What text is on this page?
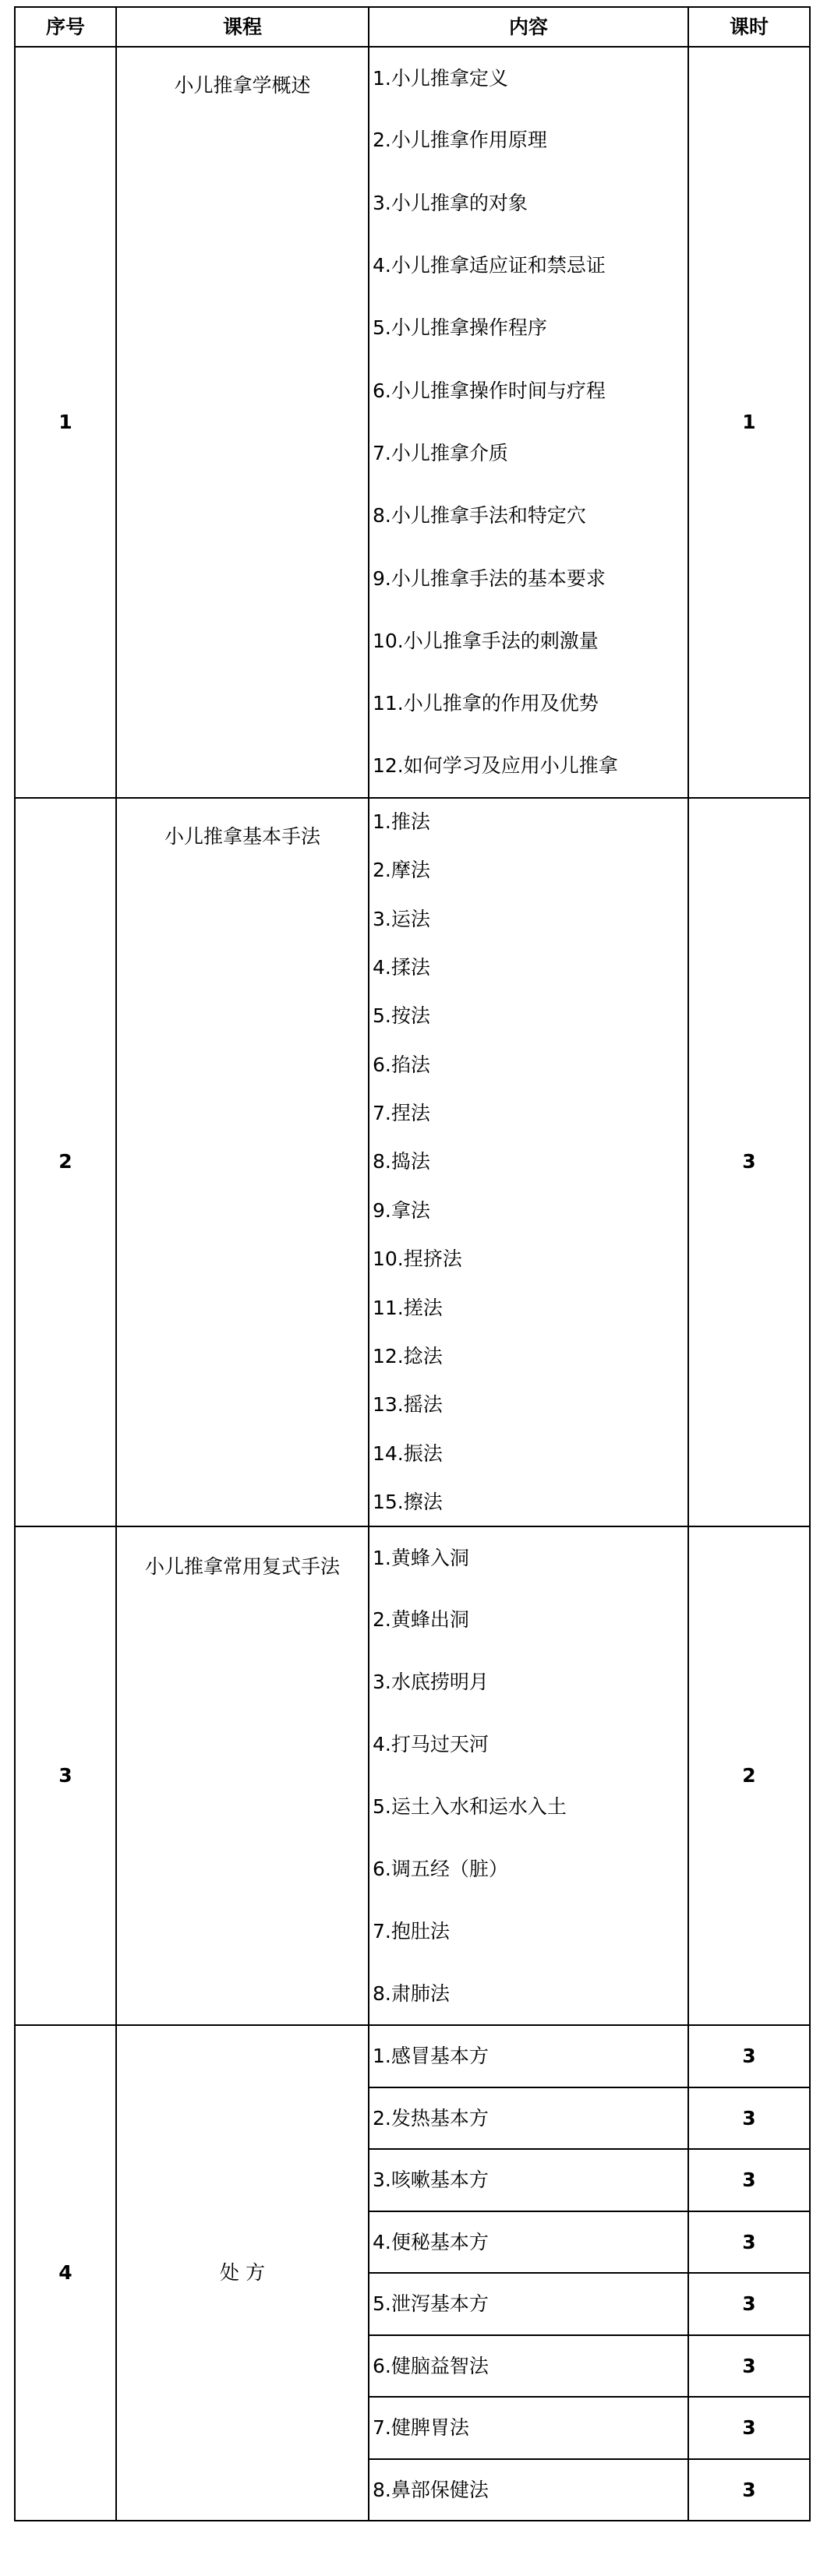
序号	课程	内容	课时
1	小儿推拿学概述	1.小儿推拿定义	1
		2.小儿推拿作用原理	
		3.小儿推拿的对象	
		4.小儿推拿适应证和禁忌证	
		5.小儿推拿操作程序	
		6.小儿推拿操作时间与疗程	
		7.小儿推拿介质	
		8.小儿推拿手法和特定穴	
		9.小儿推拿手法的基本要求	
		10.小儿推拿手法的刺激量	
		11.小儿推拿的作用及优势	
		12.如何学习及应用小儿推拿	
2	小儿推拿基本手法	1.推法	3
		2.摩法	
		3.运法	
		4.揉法	
		5.按法	
		6.掐法	
		7.捏法	
		8.捣法	
		9.拿法	
		10.捏挤法	
		11.搓法	
		12.捻法	
		13.摇法	
		14.振法	
		15.擦法	
3	小儿推拿常用复式手法	1.黄蜂入洞	2
		2.黄蜂出洞	
		3.水底捞明月	
		4.打马过天河	
		5.运土入水和运水入土	
		6.调五经（脏）	
		7.抱肚法	
		8.肃肺法	
4	处 方	1.感冒基本方	3
		2.发热基本方	3
		3.咳嗽基本方	3
		4.便秘基本方	3
		5.泄泻基本方	3
		6.健脑益智法	3
		7.健脾胃法	3
		8.鼻部保健法	3
